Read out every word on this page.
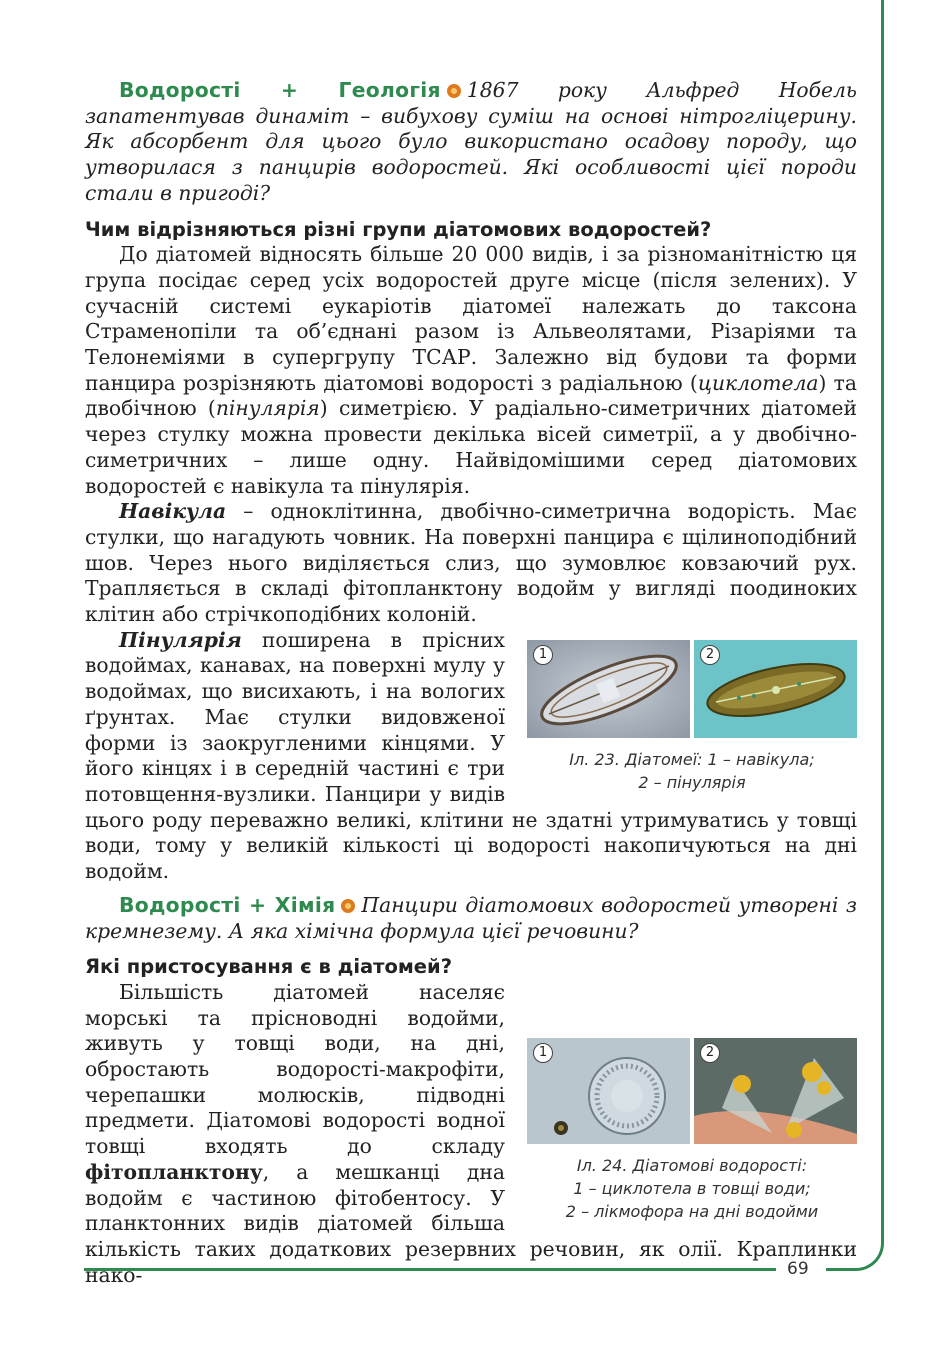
69

Водорості + Геологія 1867 року Альфред Нобель запатентував динаміт – вибухову суміш на основі нітрогліцерину. Як абсорбент для цього було використано осадову породу, що утворилася з панцирів водоростей. Які особливості цієї породи стали в пригоді?

Чим відрізняються різні групи діатомових водоростей?

До діатомей відносять більше 20 000 видів, і за різноманітністю ця група посідає серед усіх водоростей друге місце (після зелених). У сучасній системі еукаріотів діатомеї належать до таксона Страменопіли та об’єднані разом із Альвеолятами, Різаріями та Телонеміями в супергрупу ТСАР. Залежно від будови та форми панцира розрізняють діатомові водорості з радіальною (циклотела) та двобічною (пінулярія) симетрією. У радіально-симетричних діатомей через стулку можна провести декілька вісей симетрії, а у двобічно-симетричних – лише одну. Найвідомішими серед діатомових водоростей є навікула та пінулярія.

Навікула – одноклітинна, двобічно-симетрична водорість. Має стулки, що нагадують човник. На поверхні панцира є щілиноподібний шов. Через нього виділяється слиз, що зумовлює ковзаючий рух. Трапляється в складі фітопланктону водойм у вигляді поодиноких клітин або стрічкоподібних колоній.

1	2
Іл. 23. Діатомеї: 1 – навікула;
2 – пінулярія
Пінулярія поширена в прісних водоймах, канавах, на поверхні мулу у водоймах, що висихають, і на вологих ґрунтах. Має стулки видовженої форми із заокругленими кінцями. У його кінцях і в середній частині є три потовщення-вузлики. Панцири у видів цього роду переважно великі, клітини не здатні утримуватись у товщі води, тому у великій кількості ці водорості накопичуються на дні водойм.

Водорості + Хімія Панцири діатомових водоростей утворені з кремнезему. А яка хімічна формула цієї речовини?

Які пристосування є в діатомей?

1	2
Іл. 24. Діатомові водорості:
1 – циклотела в товщі води;
2 – лікмофора на дні водойми
Більшість діатомей населяє морські та прісноводні водойми, живуть у товщі води, на дні, обростають водорості-макрофіти, черепашки молюсків, підводні предмети. Діатомові водорості водної товщі входять до складу фітопланктону, а мешканці дна водойм є частиною фітобентосу. У планктонних видів діатомей більша кількість таких додаткових резервних речовин, як олії. Краплинки нако-
